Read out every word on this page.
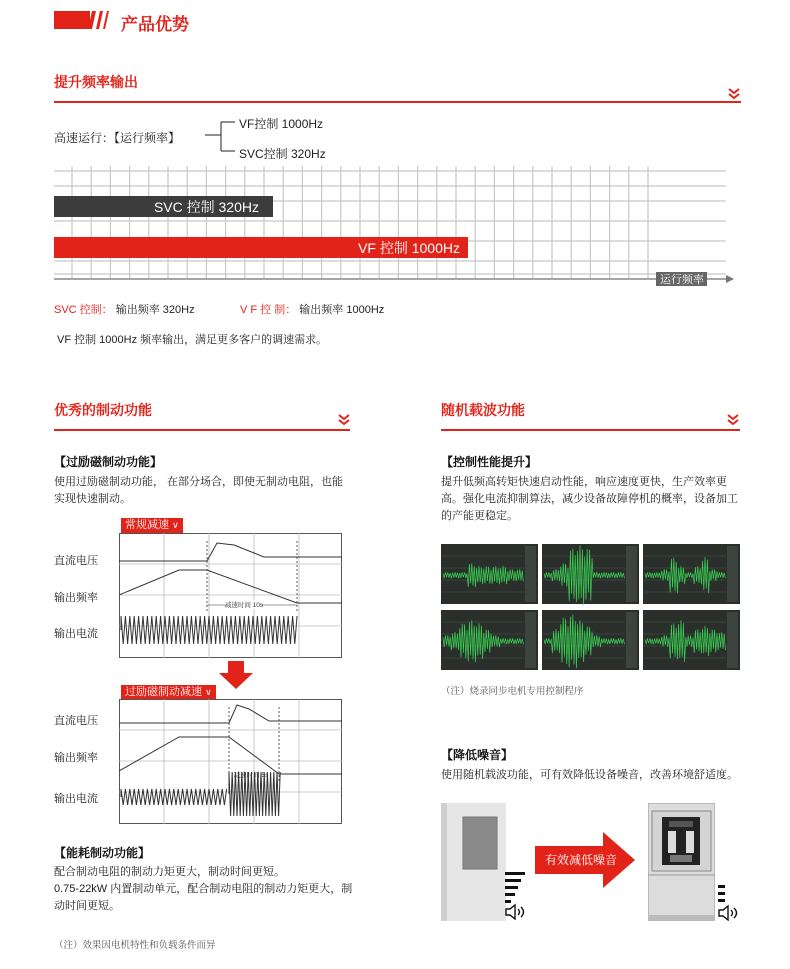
产品优势
提升频率输出
高速运行：【运行频率】
VF控制 1000Hz
SVC控制 320Hz
SVC 控制 320Hz
VF 控制 1000Hz
运行频率
SVC 控制： 输出频率 320Hz	V F 控 制： 输出频率 1000Hz
VF 控制 1000Hz 频率输出，满足更多客户的调速需求。
优秀的制动功能
【过励磁制动功能】
使用过励磁制动功能， 在部分场合，即使无制动电阻，也能实现快速制动。
常规减速 ∨
直流电压
输出频率
输出电流
减速时间 10s
过励磁制动减速 ∨
直流电压
输出频率
输出电流
减速时间 5s
【能耗制动功能】
配合制动电阻的制动力矩更大，制动时间更短。
0.75-22kW 内置制动单元，配合制动电阻的制动力矩更大，制动时间更短。
（注）效果因电机特性和负载条件而异
随机载波功能
【控制性能提升】
提升低频高转矩快速启动性能，响应速度更快，生产效率更高。强化电流抑制算法，减少设备故障停机的概率，设备加工的产能更稳定。
（注）烧录同步电机专用控制程序
【降低噪音】
使用随机载波功能，可有效降低设备噪音，改善环境舒适度。
有效减低噪音
